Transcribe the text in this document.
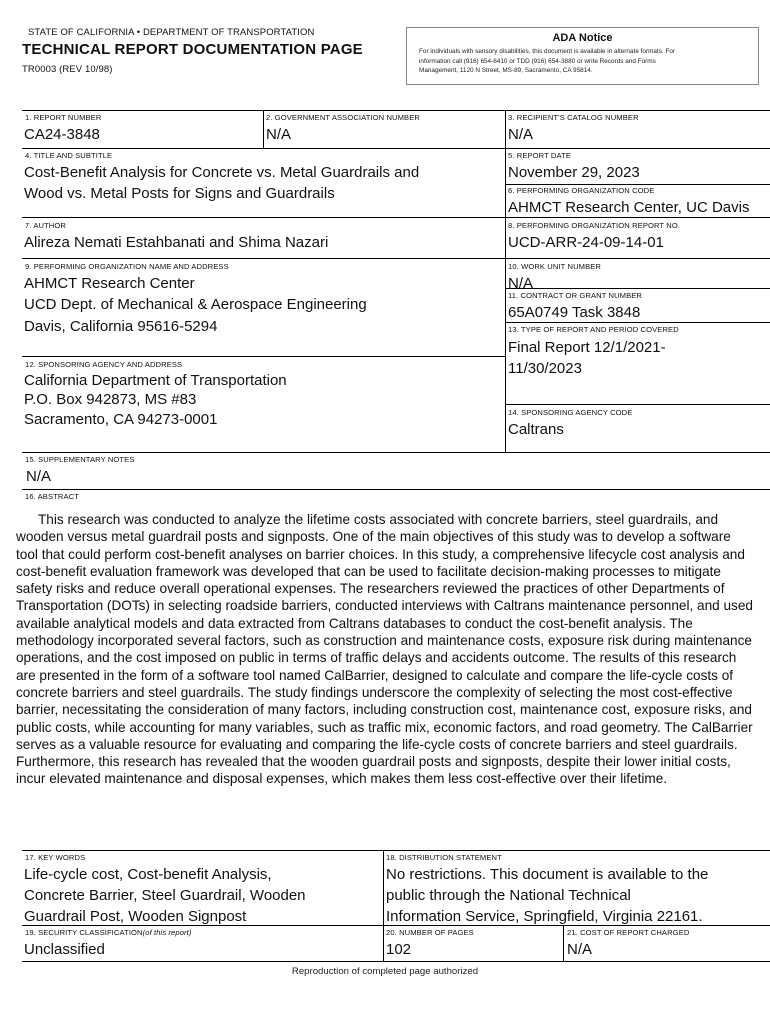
STATE OF CALIFORNIA • DEPARTMENT OF TRANSPORTATION
TECHNICAL REPORT DOCUMENTATION PAGE
TR0003 (REV 10/98)
ADA Notice
For individuals with sensory disabilities, this document is available in alternate formats. For
information call (916) 654-6410 or TDD (916) 654-3880 or write Records and Forms
Management, 1120 N Street, MS-89, Sacramento, CA 95814.
1. REPORT NUMBER
CA24-3848
2. GOVERNMENT ASSOCIATION NUMBER
N/A
3. RECIPIENT'S CATALOG NUMBER
N/A
4. TITLE AND SUBTITLE
Cost-Benefit Analysis for Concrete vs. Metal Guardrails and
Wood vs. Metal Posts for Signs and Guardrails
5. REPORT DATE
November 29, 2023
6. PERFORMING ORGANIZATION CODE
AHMCT Research Center, UC Davis
7. AUTHOR
Alireza Nemati Estahbanati and Shima Nazari
8. PERFORMING ORGANIZATION REPORT NO.
UCD-ARR-24-09-14-01
9. PERFORMING ORGANIZATION NAME AND ADDRESS
AHMCT Research Center
UCD Dept. of Mechanical & Aerospace Engineering
Davis, California 95616-5294
10. WORK UNIT NUMBER
N/A
11. CONTRACT OR GRANT NUMBER
65A0749 Task 3848
13. TYPE OF REPORT AND PERIOD COVERED
Final Report 12/1/2021-
11/30/2023
12. SPONSORING AGENCY AND ADDRESS
California Department of Transportation
P.O. Box 942873, MS #83
Sacramento, CA 94273-0001	14. SPONSORING AGENCY CODE
Caltrans
15. SUPPLEMENTARY NOTES
N/A
16. ABSTRACT
This research was conducted to analyze the lifetime costs associated with concrete barriers, steel guardrails, and wooden versus metal guardrail posts and signposts. One of the main objectives of this study was to develop a software tool that could perform cost-benefit analyses on barrier choices. In this study, a comprehensive lifecycle cost analysis and cost-benefit evaluation framework was developed that can be used to facilitate decision-making processes to mitigate safety risks and reduce overall operational expenses. The researchers reviewed the practices of other Departments of Transportation (DOTs) in selecting roadside barriers, conducted interviews with Caltrans maintenance personnel, and used available analytical models and data extracted from Caltrans databases to conduct the cost-benefit analysis. The methodology incorporated several factors, such as construction and maintenance costs, exposure risk during maintenance operations, and the cost imposed on public in terms of traffic delays and accidents outcome. The results of this research are presented in the form of a software tool named CalBarrier, designed to calculate and compare the life-cycle costs of concrete barriers and steel guardrails. The study findings underscore the complexity of selecting the most cost-effective barrier, necessitating the consideration of many factors, including construction cost, maintenance cost, exposure risks, and public costs, while accounting for many variables, such as traffic mix, economic factors, and road geometry. The CalBarrier serves as a valuable resource for evaluating and comparing the life-cycle costs of concrete barriers and steel guardrails. Furthermore, this research has revealed that the wooden guardrail posts and signposts, despite their lower initial costs, incur elevated maintenance and disposal expenses, which makes them less cost-effective over their lifetime.
17. KEY WORDS
Life-cycle cost, Cost-benefit Analysis,
Concrete Barrier, Steel Guardrail, Wooden
Guardrail Post, Wooden Signpost
18. DISTRIBUTION STATEMENT
No restrictions. This document is available to the
public through the National Technical
Information Service, Springfield, Virginia 22161.
19. SECURITY CLASSIFICATION(of this report)
Unclassified
20. NUMBER OF PAGES
102
21. COST OF REPORT CHARGED
N/A
Reproduction of completed page authorized
